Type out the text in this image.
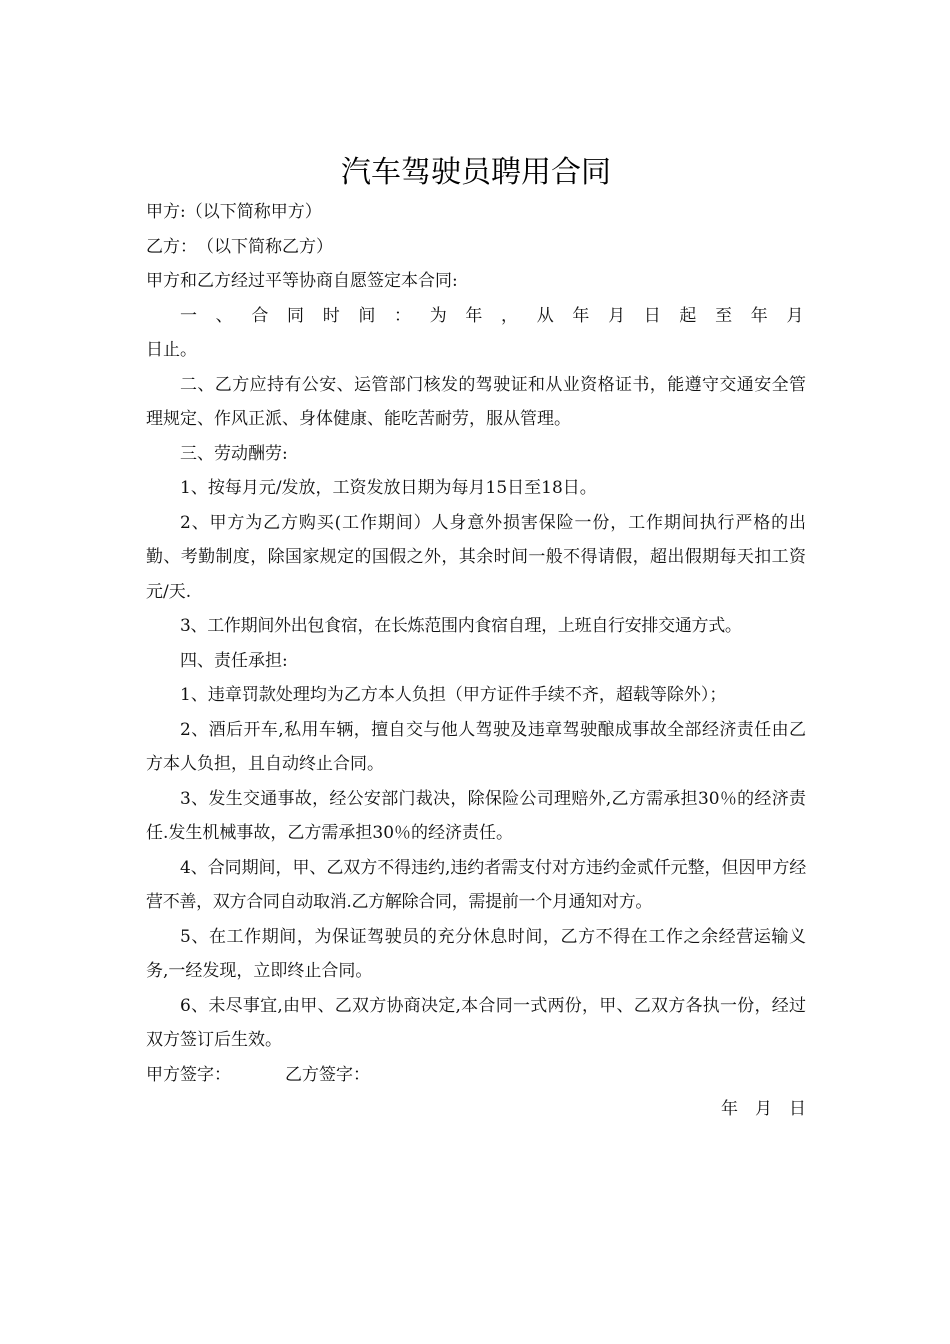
汽车驾驶员聘用合同

甲方:（以下简称甲方）

乙方：　（以下简称乙方）

甲方和乙方经过平等协商自愿签定本合同:

一、合同时间：为年，从年月日起至年月

日止。

二、乙方应持有公安、运管部门核发的驾驶证和从业资格证书，能遵守交通安全管理规定、作风正派、身体健康、能吃苦耐劳，服从管理。

三、劳动酬劳:

1、按每月元/发放，工资发放日期为每月15日至18日。

2、甲方为乙方购买(工作期间）人身意外损害保险一份，工作期间执行严格的出勤、考勤制度，除国家规定的国假之外，其余时间一般不得请假，超出假期每天扣工资元/天.

3、工作期间外出包食宿，在长炼范围内食宿自理，上班自行安排交通方式。

四、责任承担:

1、违章罚款处理均为乙方本人负担（甲方证件手续不齐，超载等除外）；

2、酒后开车,私用车辆，擅自交与他人驾驶及违章驾驶酿成事故全部经济责任由乙方本人负担，且自动终止合同。

3、发生交通事故，经公安部门裁决，除保险公司理赔外,乙方需承担30％的经济责任.发生机械事故，乙方需承担30％的经济责任。

4、合同期间，甲、乙双方不得违约,违约者需支付对方违约金贰仟元整，但因甲方经营不善，双方合同自动取消.乙方解除合同，需提前一个月通知对方。

5、在工作期间，为保证驾驶员的充分休息时间，乙方不得在工作之余经营运输义务,一经发现，立即终止合同。

6、未尽事宜,由甲、乙双方协商决定,本合同一式两份，甲、乙双方各执一份，经过双方签订后生效。

甲方签字：	乙方签字：

年　月　日
